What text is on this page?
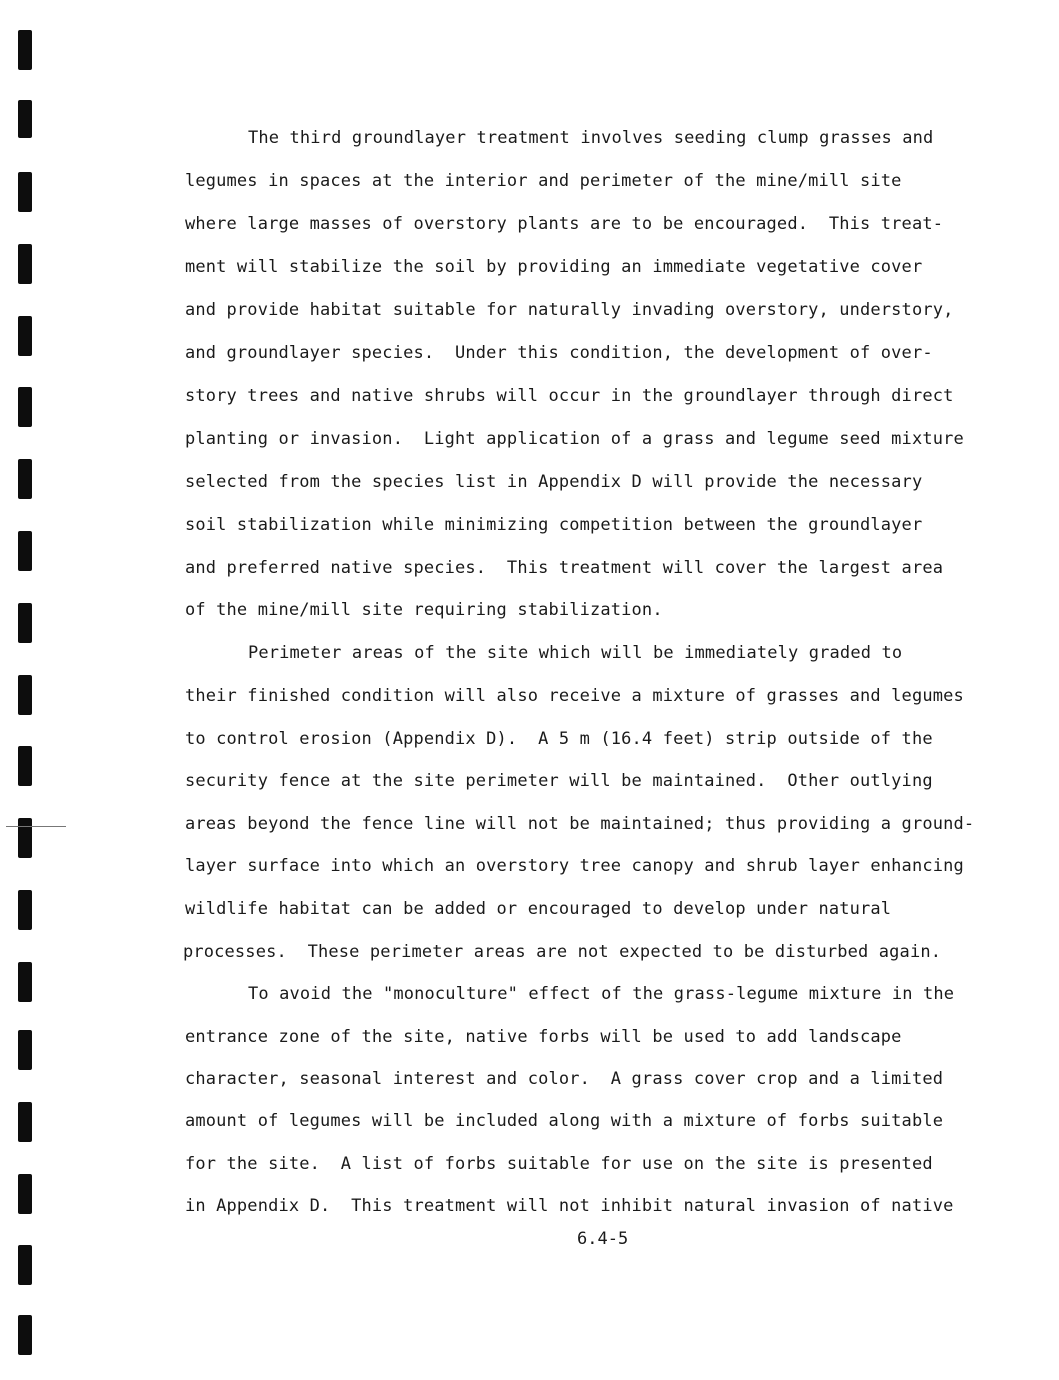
The third groundlayer treatment involves seeding clump grasses and
legumes in spaces at the interior and perimeter of the mine/mill site
where large masses of overstory plants are to be encouraged.  This treat-
ment will stabilize the soil by providing an immediate vegetative cover
and provide habitat suitable for naturally invading overstory, understory,
and groundlayer species.  Under this condition, the development of over-
story trees and native shrubs will occur in the groundlayer through direct
planting or invasion.  Light application of a grass and legume seed mixture
selected from the species list in Appendix D will provide the necessary
soil stabilization while minimizing competition between the groundlayer
and preferred native species.  This treatment will cover the largest area
of the mine/mill site requiring stabilization.
Perimeter areas of the site which will be immediately graded to
their finished condition will also receive a mixture of grasses and legumes
to control erosion (Appendix D).  A 5 m (16.4 feet) strip outside of the
security fence at the site perimeter will be maintained.  Other outlying
areas beyond the fence line will not be maintained; thus providing a ground-
layer surface into which an overstory tree canopy and shrub layer enhancing
wildlife habitat can be added or encouraged to develop under natural
processes.  These perimeter areas are not expected to be disturbed again.
To avoid the "monoculture" effect of the grass-legume mixture in the
entrance zone of the site, native forbs will be used to add landscape
character, seasonal interest and color.  A grass cover crop and a limited
amount of legumes will be included along with a mixture of forbs suitable
for the site.  A list of forbs suitable for use on the site is presented
in Appendix D.  This treatment will not inhibit natural invasion of native
6.4-5
